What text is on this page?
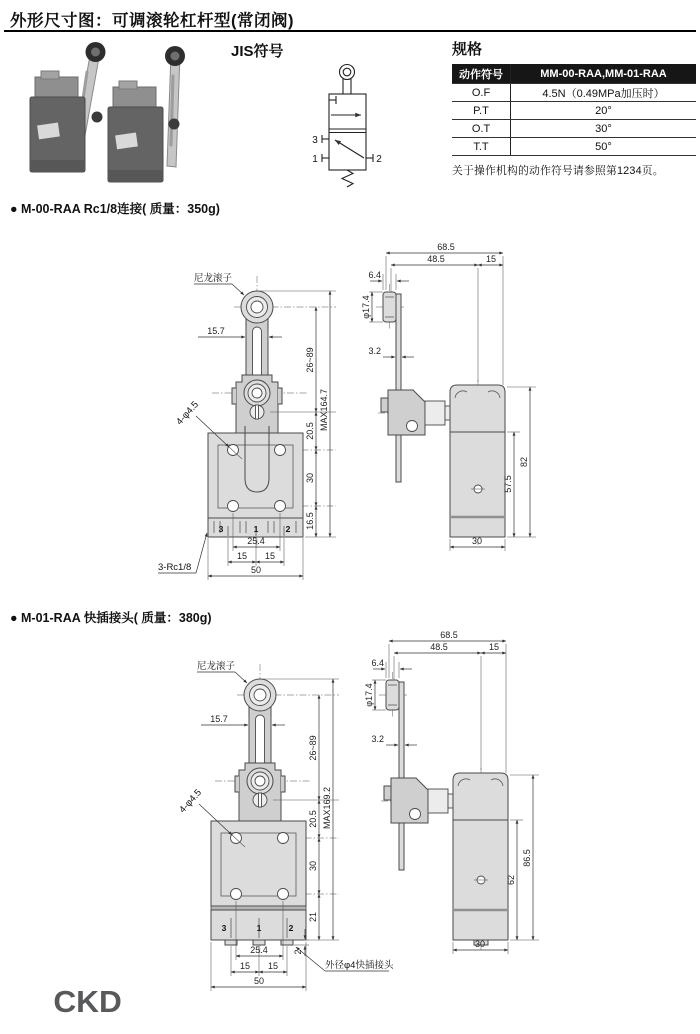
外形尺寸图：可调滚轮杠杆型(常闭阀)
JIS符号
3
1	2
规格
动作符号	MM-00-RAA,MM-01-RAA
O.F	4.5N（0.49MPa加压时）
P.T	20°
O.T	30°
T.T	50°
关于操作机构的动作符号请参照第1234页。
● M-00-RAA Rc1/8连接( 质量：350g)
3	1	2
尼龙滚子
4-φ4.5
3-Rc1/8
15.7
26~89
20.5
30
16.5
MAX164.7
25.4
15 15
50
68.5
48.5	15
6.4
φ17.4
3.2
57.5
82
30
● M-01-RAA 快插接头( 质量：380g)
3	1	2
尼龙滚子
4-φ4.5
15.7
26~89
20.5
30
21
MAX169.2
2
25.4
15 15
50
外径φ4快插接头
68.5
48.5	15
6.4
φ17.4
3.2
62
86.5
30
CKD
